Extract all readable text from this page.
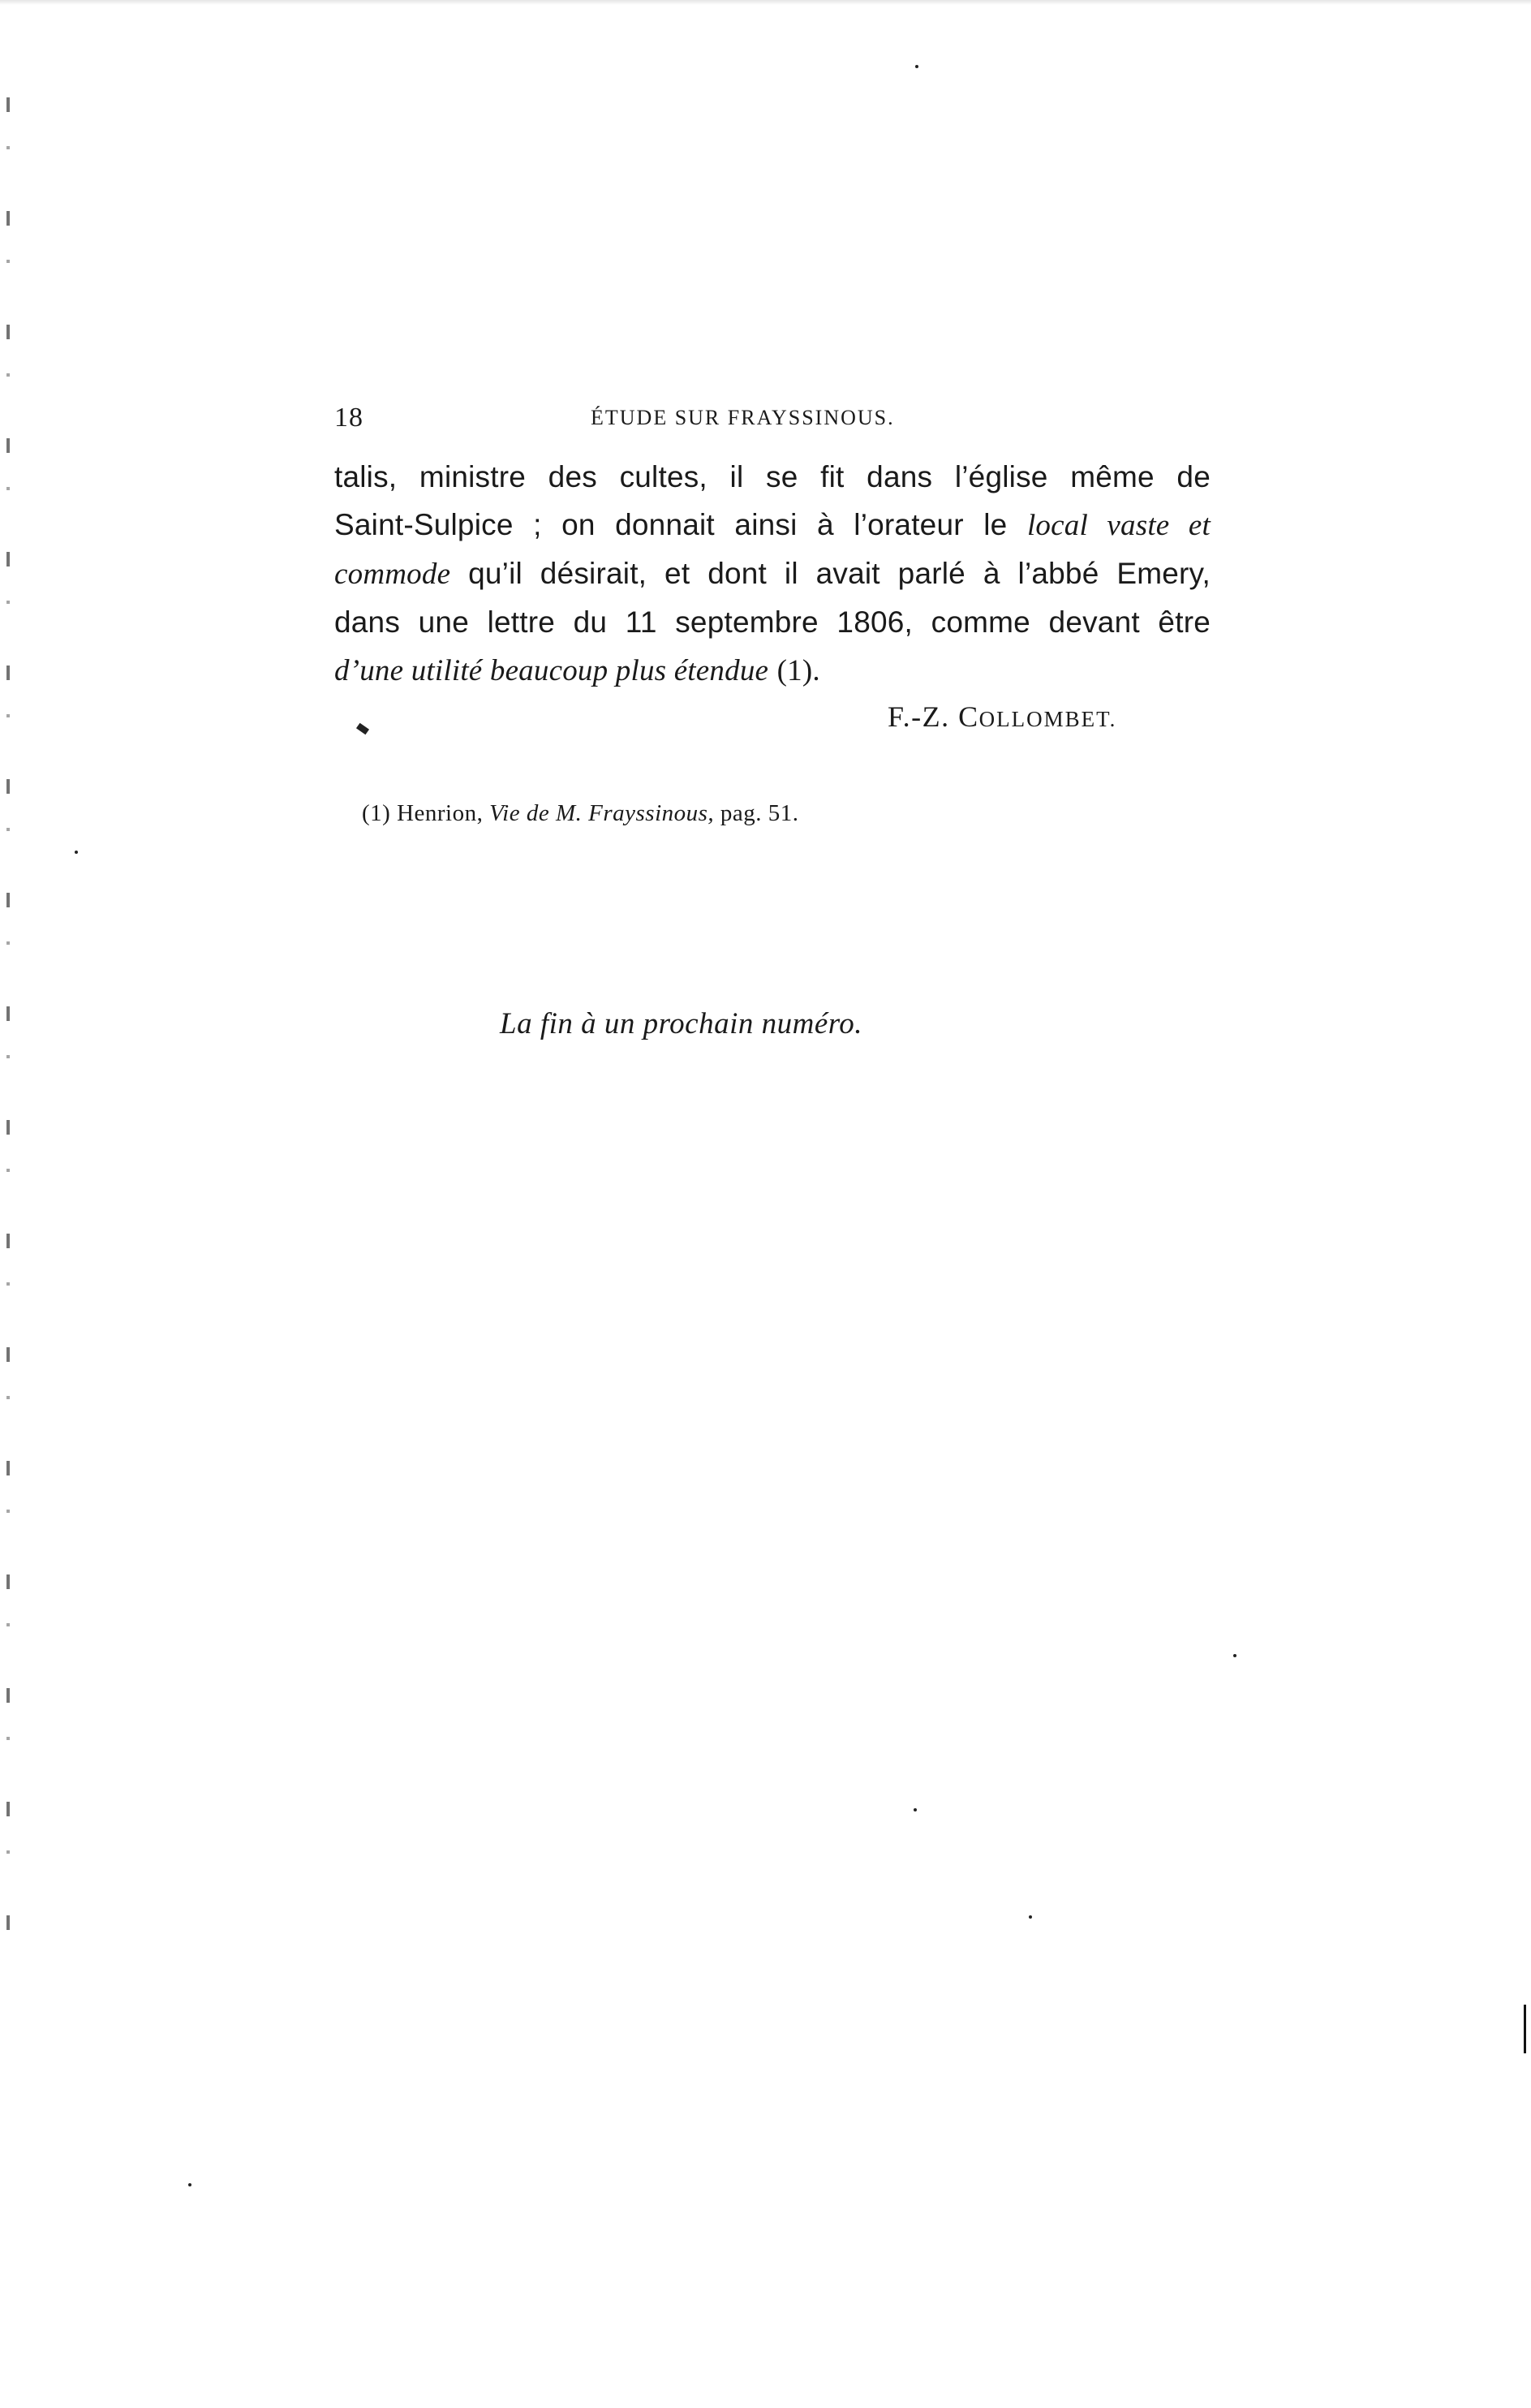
18	ÉTUDE SUR FRAYSSINOUS.
talis, ministre des cultes, il se fit dans l’église même de
Saint-Sulpice ; on donnait ainsi à l’orateur le local vaste et
commode qu’il désirait, et dont il avait parlé à l’abbé Emery,
dans une lettre du 11 septembre 1806, comme devant être
d’une utilité beaucoup plus étendue (1).
F.-Z. COLLOMBET.
(1) Henrion, Vie de M. Frayssinous, pag. 51.
La fin à un prochain numéro.
